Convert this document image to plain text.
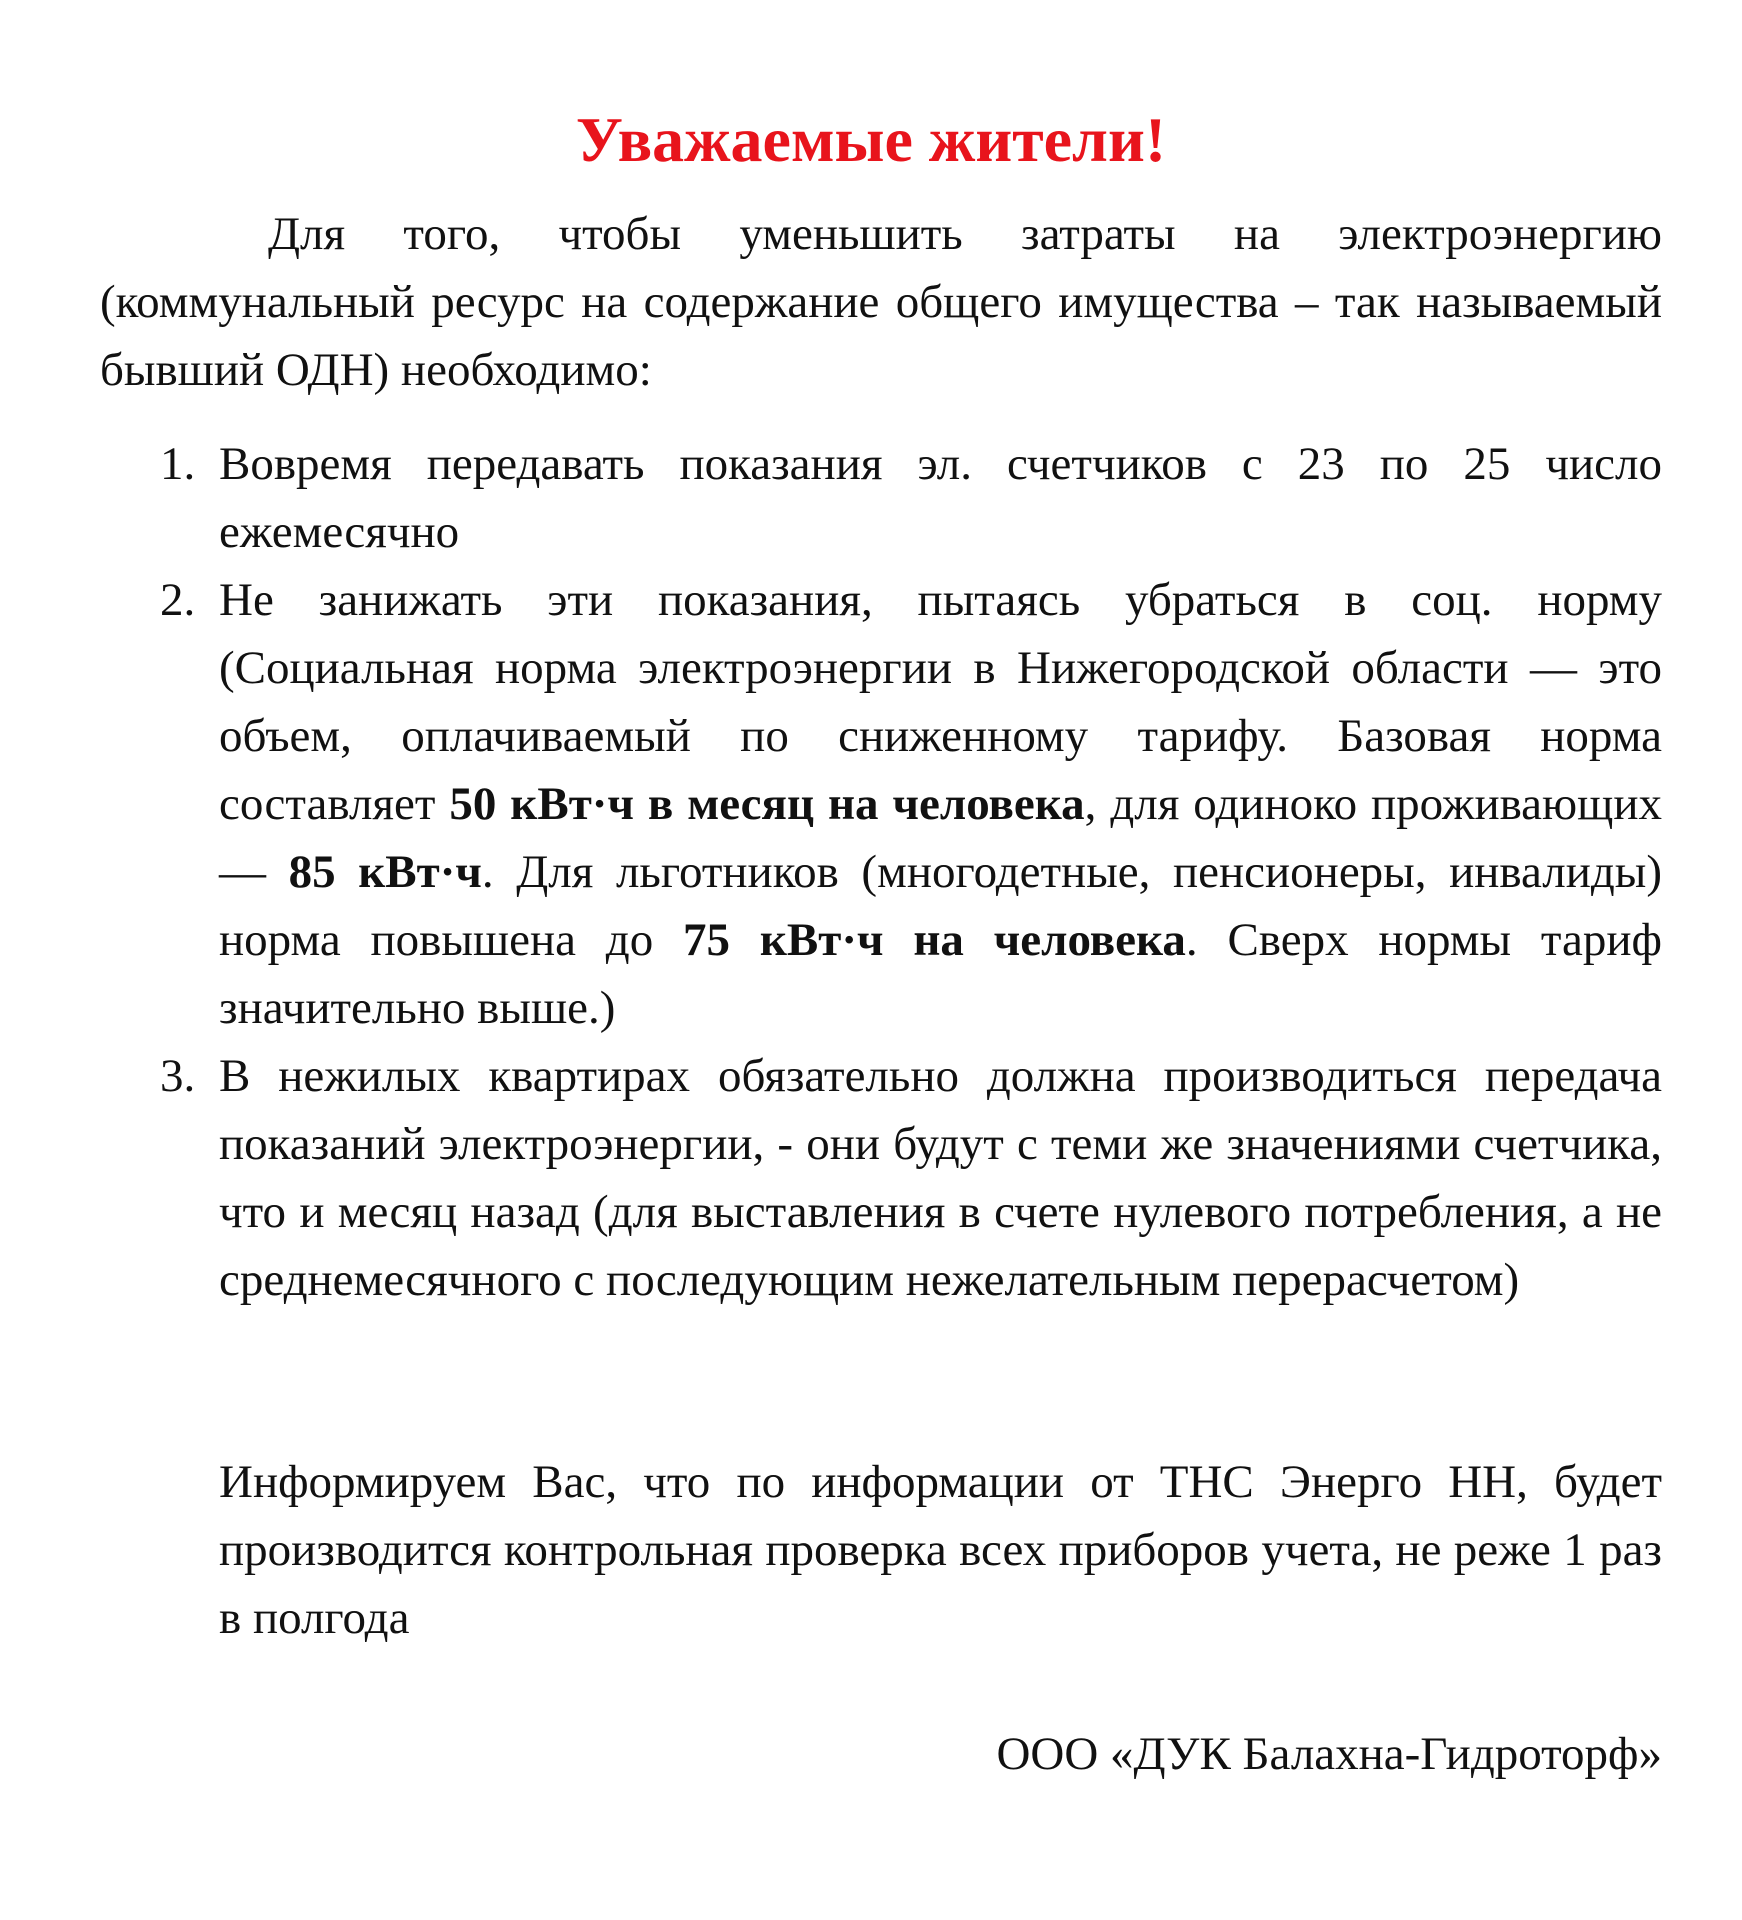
Уважаемые жители!

Для того, чтобы уменьшить затраты на электроэнергию (коммунальный ресурс на содержание общего имущества – так называемый бывший ОДН) необходимо:

1. Вовремя передавать показания эл. счетчиков с 23 по 25 число ежемесячно
2. Не занижать эти показания, пытаясь убраться в соц. норму (Социальная норма электроэнергии в Нижегородской области — это объем, оплачиваемый по сниженному тарифу. Базовая норма составляет 50 кВт·ч в месяц на человека, для одиноко проживающих — 85 кВт·ч. Для льготников (многодетные, пенсионеры, инвалиды) норма повышена до 75 кВт·ч на человека. Сверх нормы тариф значительно выше.)
3. В нежилых квартирах обязательно должна производиться передача показаний электроэнергии, - они будут с теми же значениями счетчика, что и месяц назад (для выставления в счете нулевого потребления, а не среднемесячного с последующим нежелательным перерасчетом)

Информируем Вас, что по информации от ТНС Энерго НН, будет производится контрольная проверка всех приборов учета, не реже 1 раз в полгода

ООО «ДУК Балахна-Гидроторф»
